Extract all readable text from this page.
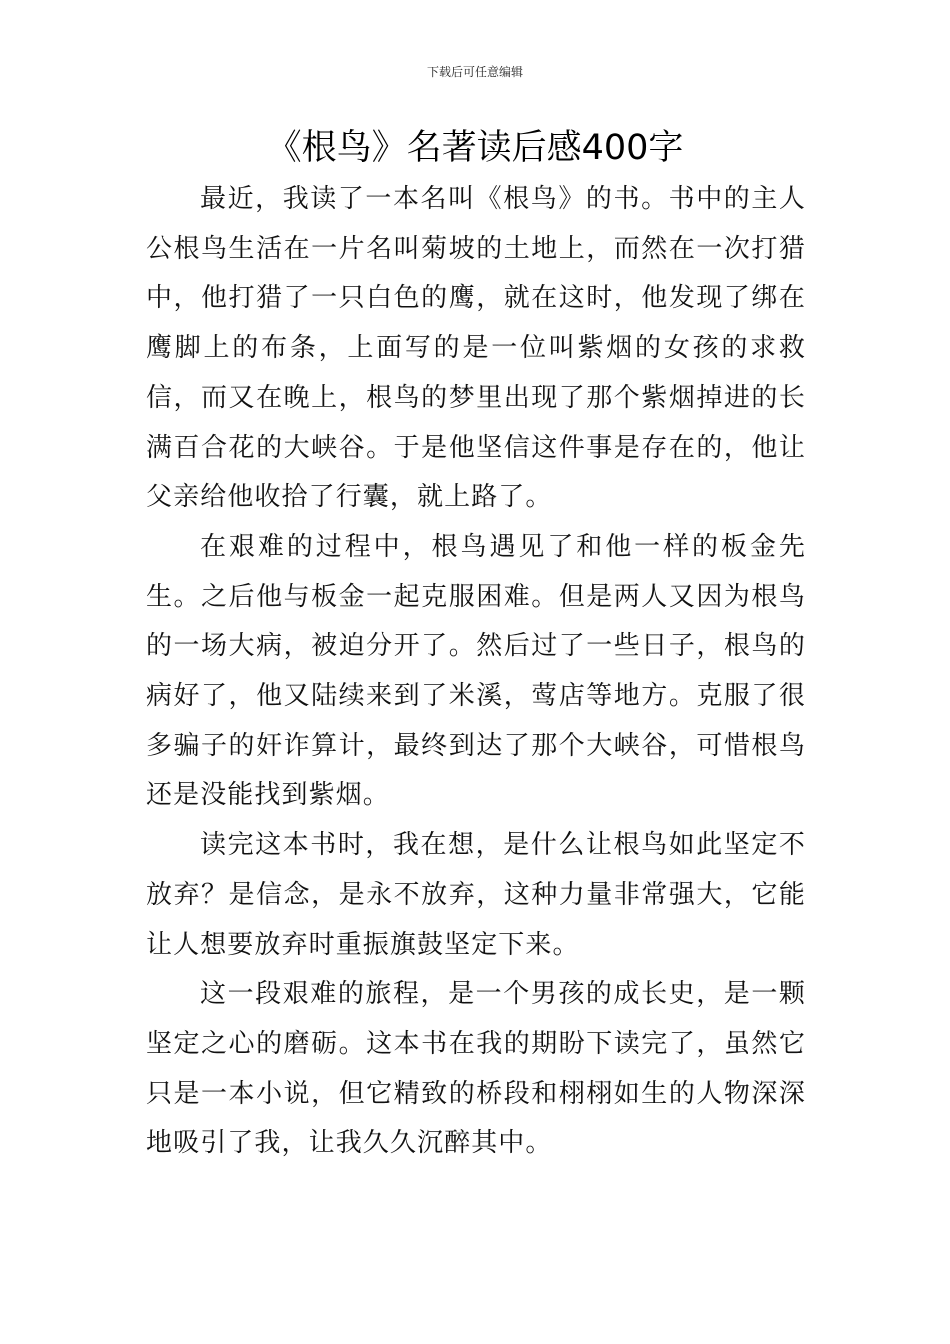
下载后可任意编辑
《根鸟》名著读后感400字

最近，我读了一本名叫《根鸟》的书。书中的主人公根鸟生活在一片名叫菊坡的土地上，而然在一次打猎中，他打猎了一只白色的鹰，就在这时，他发现了绑在鹰脚上的布条，上面写的是一位叫紫烟的女孩的求救信，而又在晚上，根鸟的梦里出现了那个紫烟掉进的长满百合花的大峡谷。于是他坚信这件事是存在的，他让父亲给他收拾了行囊，就上路了。

在艰难的过程中，根鸟遇见了和他一样的板金先生。之后他与板金一起克服困难。但是两人又因为根鸟的一场大病，被迫分开了。然后过了一些日子，根鸟的病好了，他又陆续来到了米溪，莺店等地方。克服了很多骗子的奸诈算计，最终到达了那个大峡谷，可惜根鸟还是没能找到紫烟。

读完这本书时，我在想，是什么让根鸟如此坚定不放弃？是信念，是永不放弃，这种力量非常强大，它能让人想要放弃时重振旗鼓坚定下来。

这一段艰难的旅程，是一个男孩的成长史，是一颗坚定之心的磨砺。这本书在我的期盼下读完了，虽然它只是一本小说，但它精致的桥段和栩栩如生的人物深深地吸引了我，让我久久沉醉其中。
